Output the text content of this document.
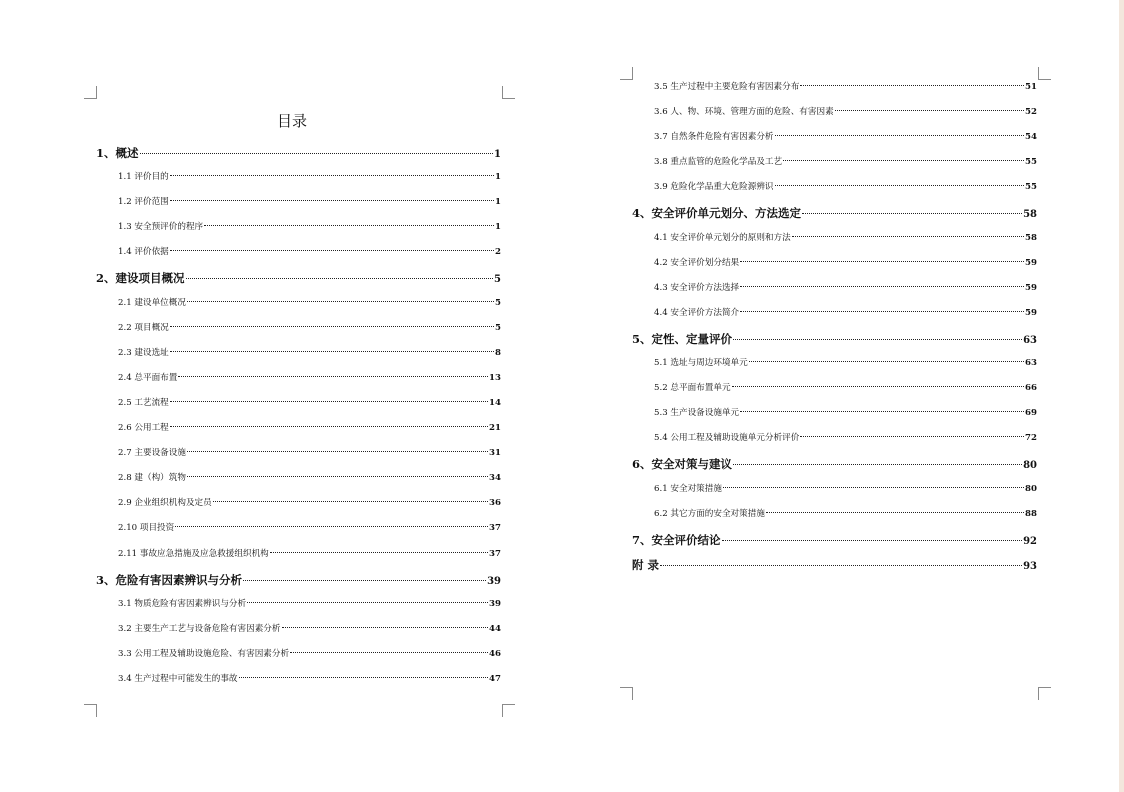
目录
1、概述	1
1.1 评价目的	1
1.2 评价范围	1
1.3 安全预评价的程序	1
1.4 评价依据	2
2、建设项目概况	5
2.1 建设单位概况	5
2.2 项目概况	5
2.3 建设选址	8
2.4 总平面布置	13
2.5 工艺流程	14
2.6 公用工程	21
2.7 主要设备设施	31
2.8 建（构）筑物	34
2.9 企业组织机构及定员	36
2.10 项目投资	37
2.11 事故应急措施及应急救援组织机构	37
3、危险有害因素辨识与分析	39
3.1 物质危险有害因素辨识与分析	39
3.2 主要生产工艺与设备危险有害因素分析	44
3.3 公用工程及辅助设施危险、有害因素分析	46
3.4 生产过程中可能发生的事故	47
3.5 生产过程中主要危险有害因素分布	51
3.6 人、物、环境、管理方面的危险、有害因素	52
3.7 自然条件危险有害因素分析	54
3.8 重点监管的危险化学品及工艺	55
3.9 危险化学品重大危险源辨识	55
4、安全评价单元划分、方法选定	58
4.1 安全评价单元划分的原则和方法	58
4.2 安全评价划分结果	59
4.3 安全评价方法选择	59
4.4 安全评价方法简介	59
5、定性、定量评价	63
5.1 选址与周边环境单元	63
5.2 总平面布置单元	66
5.3 生产设备设施单元	69
5.4 公用工程及辅助设施单元分析评价	72
6、安全对策与建议	80
6.1 安全对策措施	80
6.2 其它方面的安全对策措施	88
7、安全评价结论	92
附 录	93
